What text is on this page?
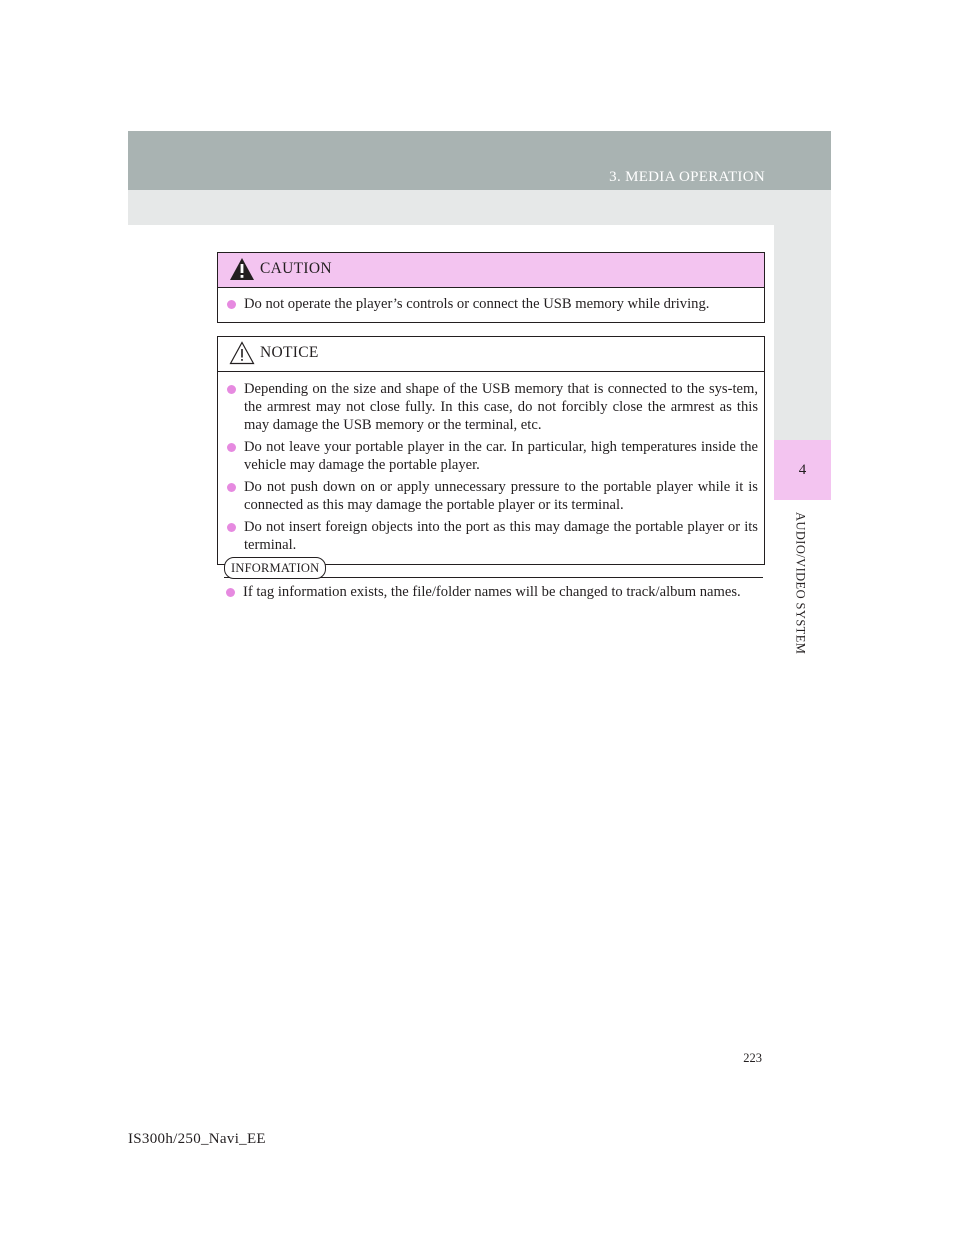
3. MEDIA OPERATION
4
AUDIO/VIDEO SYSTEM
CAUTION
Do not operate the player’s controls or connect the USB memory while driving.
NOTICE
Depending on the size and shape of the USB memory that is connected to the sys-tem, the armrest may not close fully. In this case, do not forcibly close the armrest as this may damage the USB memory or the terminal, etc.
Do not leave your portable player in the car. In particular, high temperatures inside the vehicle may damage the portable player.
Do not push down on or apply unnecessary pressure to the portable player while it is connected as this may damage the portable player or its terminal.
Do not insert foreign objects into the port as this may damage the portable player or its terminal.
INFORMATION
If tag information exists, the file/folder names will be changed to track/album names.
223
IS300h/250_Navi_EE
